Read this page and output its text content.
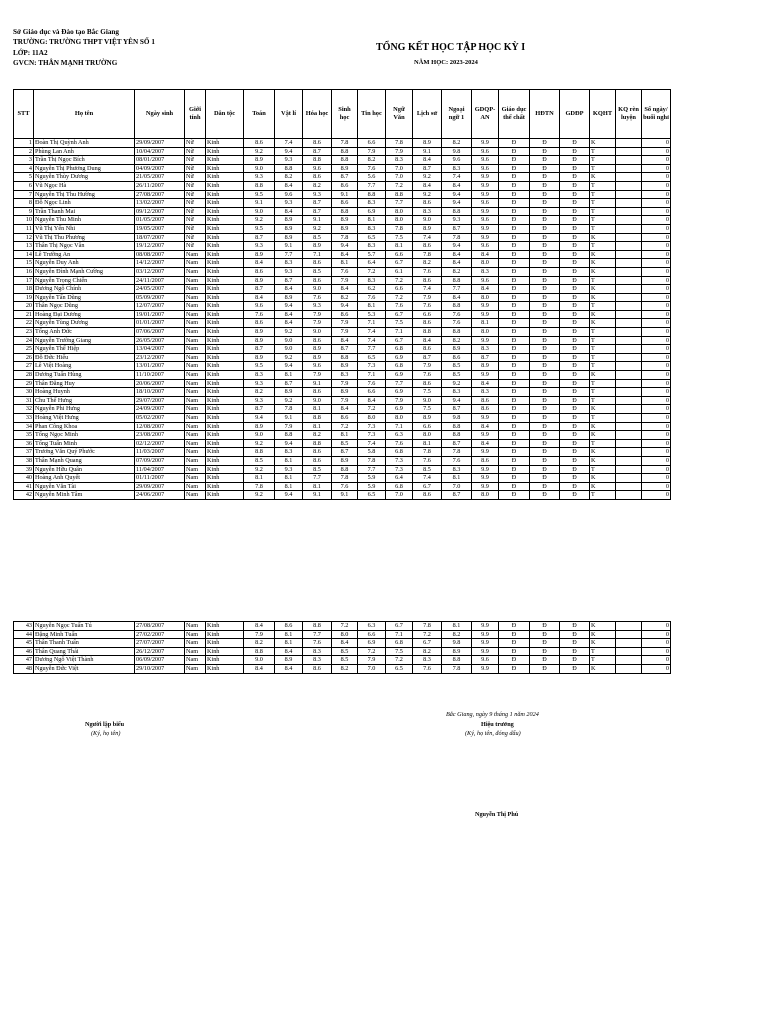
Sở Giáo dục và Đào tạo Bắc Giang
TRƯỜNG: TRƯỜNG THPT VIỆT YÊN SỐ 1
LỚP: 11A2
GVCN: THÂN MẠNH TRƯỜNG
TỔNG KẾT HỌC TẬP HỌC KỲ I
NĂM HỌC: 2023-2024
STT	Họ tên	Ngày sinh	Giới tính	Dân tộc	Toán	Vật lí	Hóa học	Sinh học	Tin học	Ngữ Văn	Lịch sử	Ngoại ngữ 1	GDQP-AN	Giáo dục thể chất	HĐTN	GDĐP	KQHT	KQ rèn luyện	Số ngày/ buổi nghỉ
1	Đoàn Thị Quỳnh Anh	29/09/2007	Nữ	Kinh	8.6	7.4	8.6	7.8	6.6	7.8	8.9	8.2	9.9	Đ	Đ	Đ	K		0
2	Phùng Lan Anh	10/04/2007	Nữ	Kinh	9.2	9.4	8.7	8.8	7.9	7.9	9.1	9.8	9.6	Đ	Đ	Đ	T		0
3	Trần Thị Ngọc Bích	08/01/2007	Nữ	Kinh	8.9	9.3	8.8	8.8	8.2	8.3	8.4	9.6	9.6	Đ	Đ	Đ	T		0
4	Nguyễn Thị Phương Dung	04/09/2007	Nữ	Kinh	9.0	8.8	9.6	8.9	7.6	7.0	8.7	8.3	9.6	Đ	Đ	Đ	T		0
5	Nguyễn Thùy Dương	21/05/2007	Nữ	Kinh	9.3	8.2	8.6	8.7	5.6	7.0	9.2	7.4	9.9	Đ	Đ	Đ	K		0
6	Vũ Ngọc Hà	26/11/2007	Nữ	Kinh	8.8	8.4	8.2	8.6	7.7	7.2	8.4	8.4	9.9	Đ	Đ	Đ	T		0
7	Nguyễn Thị Thu Hường	27/08/2007	Nữ	Kinh	9.5	9.6	9.3	9.1	8.8	8.8	9.2	9.4	9.9	Đ	Đ	Đ	T		0
8	Đỗ Ngọc Linh	13/02/2007	Nữ	Kinh	9.1	9.3	8.7	8.6	8.3	7.7	8.6	9.4	9.6	Đ	Đ	Đ	T		0
9	Trần Thanh Mai	09/12/2007	Nữ	Kinh	9.0	8.4	8.7	8.8	6.9	8.0	8.3	8.8	9.9	Đ	Đ	Đ	T		0
10	Nguyễn Thu Minh	01/05/2007	Nữ	Kinh	9.2	8.9	9.1	8.9	8.1	8.0	9.0	9.3	9.6	Đ	Đ	Đ	T		0
11	Vũ Thị Yến Nhi	19/05/2007	Nữ	Kinh	9.5	8.9	9.2	8.9	8.3	7.8	8.9	8.7	9.9	Đ	Đ	Đ	T		0
12	Vũ Thị Thu Phương	18/07/2007	Nữ	Kinh	8.7	8.9	8.5	7.8	6.5	7.5	7.4	7.8	9.9	Đ	Đ	Đ	K		0
13	Thân Thị Ngọc Vân	19/12/2007	Nữ	Kinh	9.3	9.1	8.9	9.4	8.3	8.1	8.6	9.4	9.6	Đ	Đ	Đ	T		0
14	Lê Trường An	08/08/2007	Nam	Kinh	8.9	7.7	7.1	8.4	5.7	6.6	7.8	8.4	8.4	Đ	Đ	Đ	K		0
15	Nguyễn Duy Anh	14/12/2007	Nam	Kinh	8.4	8.3	8.6	8.1	6.4	6.7	8.2	8.4	8.0	Đ	Đ	Đ	K		0
16	Nguyễn Đình Mạnh Cường	03/12/2007	Nam	Kinh	8.6	9.3	8.5	7.6	7.2	6.1	7.6	8.2	8.3	Đ	Đ	Đ	K		0
17	Nguyễn Trọng Chiến	24/11/2007	Nam	Kinh	8.9	8.7	8.6	7.9	8.3	7.2	8.6	8.8	9.6	Đ	Đ	Đ	T		0
18	Dương Ngô Chính	24/05/2007	Nam	Kinh	8.7	8.4	9.0	8.4	6.2	6.6	7.4	7.7	8.4	Đ	Đ	Đ	K		0
19	Nguyễn Tấn Dũng	05/09/2007	Nam	Kinh	8.4	8.9	7.6	8.2	7.6	7.2	7.9	8.4	8.0	Đ	Đ	Đ	K		0
20	Thân Ngọc Dũng	12/07/2007	Nam	Kinh	9.6	9.4	9.3	9.4	8.1	7.6	7.6	8.8	9.9	Đ	Đ	Đ	T		0
21	Hoàng Đại Dương	19/01/2007	Nam	Kinh	7.6	8.4	7.9	8.6	5.3	6.7	6.6	7.6	9.9	Đ	Đ	Đ	K		0
22	Nguyễn Tùng Dương	01/01/2007	Nam	Kinh	8.6	8.4	7.9	7.9	7.1	7.5	8.6	7.6	8.1	Đ	Đ	Đ	K		0
23	Tống Anh Đức	07/06/2007	Nam	Kinh	8.9	9.2	9.0	7.9	7.4	7.1	8.8	8.8	8.0	Đ	Đ	Đ	T		0
24	Nguyễn Trường Giang	26/05/2007	Nam	Kinh	8.9	9.0	8.6	8.4	7.4	6.7	8.4	8.2	9.9	Đ	Đ	Đ	T		0
25	Nguyễn Thế Hiệp	13/04/2007	Nam	Kinh	8.7	9.0	8.9	8.7	7.7	6.8	8.6	8.9	8.3	Đ	Đ	Đ	T		0
26	Đỗ Đức Hiếu	23/12/2007	Nam	Kinh	8.9	9.2	8.9	8.8	6.5	6.9	8.7	8.6	8.7	Đ	Đ	Đ	T		0
27	Lê Việt Hoàng	13/01/2007	Nam	Kinh	9.5	9.4	9.6	8.9	7.3	6.8	7.9	8.5	8.9	Đ	Đ	Đ	T		0
28	Dương Tuấn Hùng	11/10/2007	Nam	Kinh	8.3	8.1	7.9	8.3	7.1	6.9	7.6	8.5	9.9	Đ	Đ	Đ	K		0
29	Thân Đăng Huy	20/06/2007	Nam	Kinh	9.3	8.7	9.1	7.9	7.6	7.7	8.6	9.2	8.4	Đ	Đ	Đ	T		0
30	Hoàng Huynh	18/10/2007	Nam	Kinh	8.2	8.9	8.6	8.9	6.6	6.9	7.5	8.3	8.3	Đ	Đ	Đ	T		0
31	Chu Thế Hưng	29/07/2007	Nam	Kinh	9.3	9.2	9.0	7.9	8.4	7.9	9.0	9.4	8.6	Đ	Đ	Đ	T		0
32	Nguyễn Phi Hưng	24/09/2007	Nam	Kinh	8.7	7.8	8.1	8.4	7.2	6.9	7.5	8.7	8.6	Đ	Đ	Đ	K		0
33	Hoàng Việt Hưng	05/02/2007	Nam	Kinh	9.4	9.1	8.8	8.6	8.0	8.0	8.9	9.8	9.9	Đ	Đ	Đ	T		0
34	Phan Công Khoa	12/08/2007	Nam	Kinh	8.9	7.9	8.1	7.2	7.3	7.1	6.6	8.8	8.4	Đ	Đ	Đ	K		0
35	Tống Ngọc Minh	23/08/2007	Nam	Kinh	9.0	8.8	8.2	8.1	7.3	6.3	8.0	8.8	9.9	Đ	Đ	Đ	K		0
36	Tống Tuấn Minh	02/12/2007	Nam	Kinh	9.2	9.4	8.8	8.5	7.4	7.6	8.1	8.7	8.4	Đ	Đ	Đ	T		0
37	Trương Văn Quý Phước	11/03/2007	Nam	Kinh	8.8	8.3	8.6	8.7	5.8	6.8	7.8	7.8	9.9	Đ	Đ	Đ	K		0
38	Thân Mạnh Quang	07/09/2007	Nam	Kinh	8.5	8.1	8.6	8.9	7.8	7.3	7.6	7.6	8.6	Đ	Đ	Đ	K		0
39	Nguyễn Hữu Quân	11/04/2007	Nam	Kinh	9.2	9.3	8.5	8.8	7.7	7.3	8.5	8.3	9.9	Đ	Đ	Đ	T		0
40	Hoàng Anh Quyết	01/11/2007	Nam	Kinh	8.1	8.1	7.7	7.8	5.9	6.4	7.4	8.1	9.9	Đ	Đ	Đ	K		0
41	Nguyễn Văn Tài	29/09/2007	Nam	Kinh	7.8	8.1	8.1	7.6	5.9	6.8	6.7	7.0	9.9	Đ	Đ	Đ	K		0
42	Nguyễn Minh Tâm	24/06/2007	Nam	Kinh	9.2	9.4	9.1	9.1	6.5	7.0	8.6	8.7	8.0	Đ	Đ	Đ	T		0
43	Nguyễn Ngọc Tuấn Tú	27/08/2007	Nam	Kinh	8.4	8.6	8.8	7.2	6.3	6.7	7.8	8.1	9.9	Đ	Đ	Đ	K		0
44	Đặng Minh Tuấn	27/02/2007	Nam	Kinh	7.9	8.1	7.7	8.0	6.6	7.1	7.2	8.2	9.9	Đ	Đ	Đ	K		0
45	Thân Thanh Tuấn	27/07/2007	Nam	Kinh	8.2	8.1	7.6	8.4	6.9	6.8	6.7	9.8	9.9	Đ	Đ	Đ	K		0
46	Thân Quang Thái	26/12/2007	Nam	Kinh	8.8	8.4	8.3	8.5	7.2	7.5	8.2	8.9	9.9	Đ	Đ	Đ	T		0
47	Dương Ngô Việt Thành	06/09/2007	Nam	Kinh	9.0	8.9	8.3	8.5	7.9	7.2	8.3	8.8	9.6	Đ	Đ	Đ	T		0
48	Nguyễn Đức Việt	29/10/2007	Nam	Kinh	8.4	8.4	8.6	8.2	7.0	6.5	7.6	7.8	9.9	Đ	Đ	Đ	K		0
Bắc Giang, ngày 9 tháng 1 năm 2024
Người lập biểu
(Ký, họ tên)
Hiệu trưởng
(Ký, họ tên, đóng dấu)
Nguyễn Thị Phú
